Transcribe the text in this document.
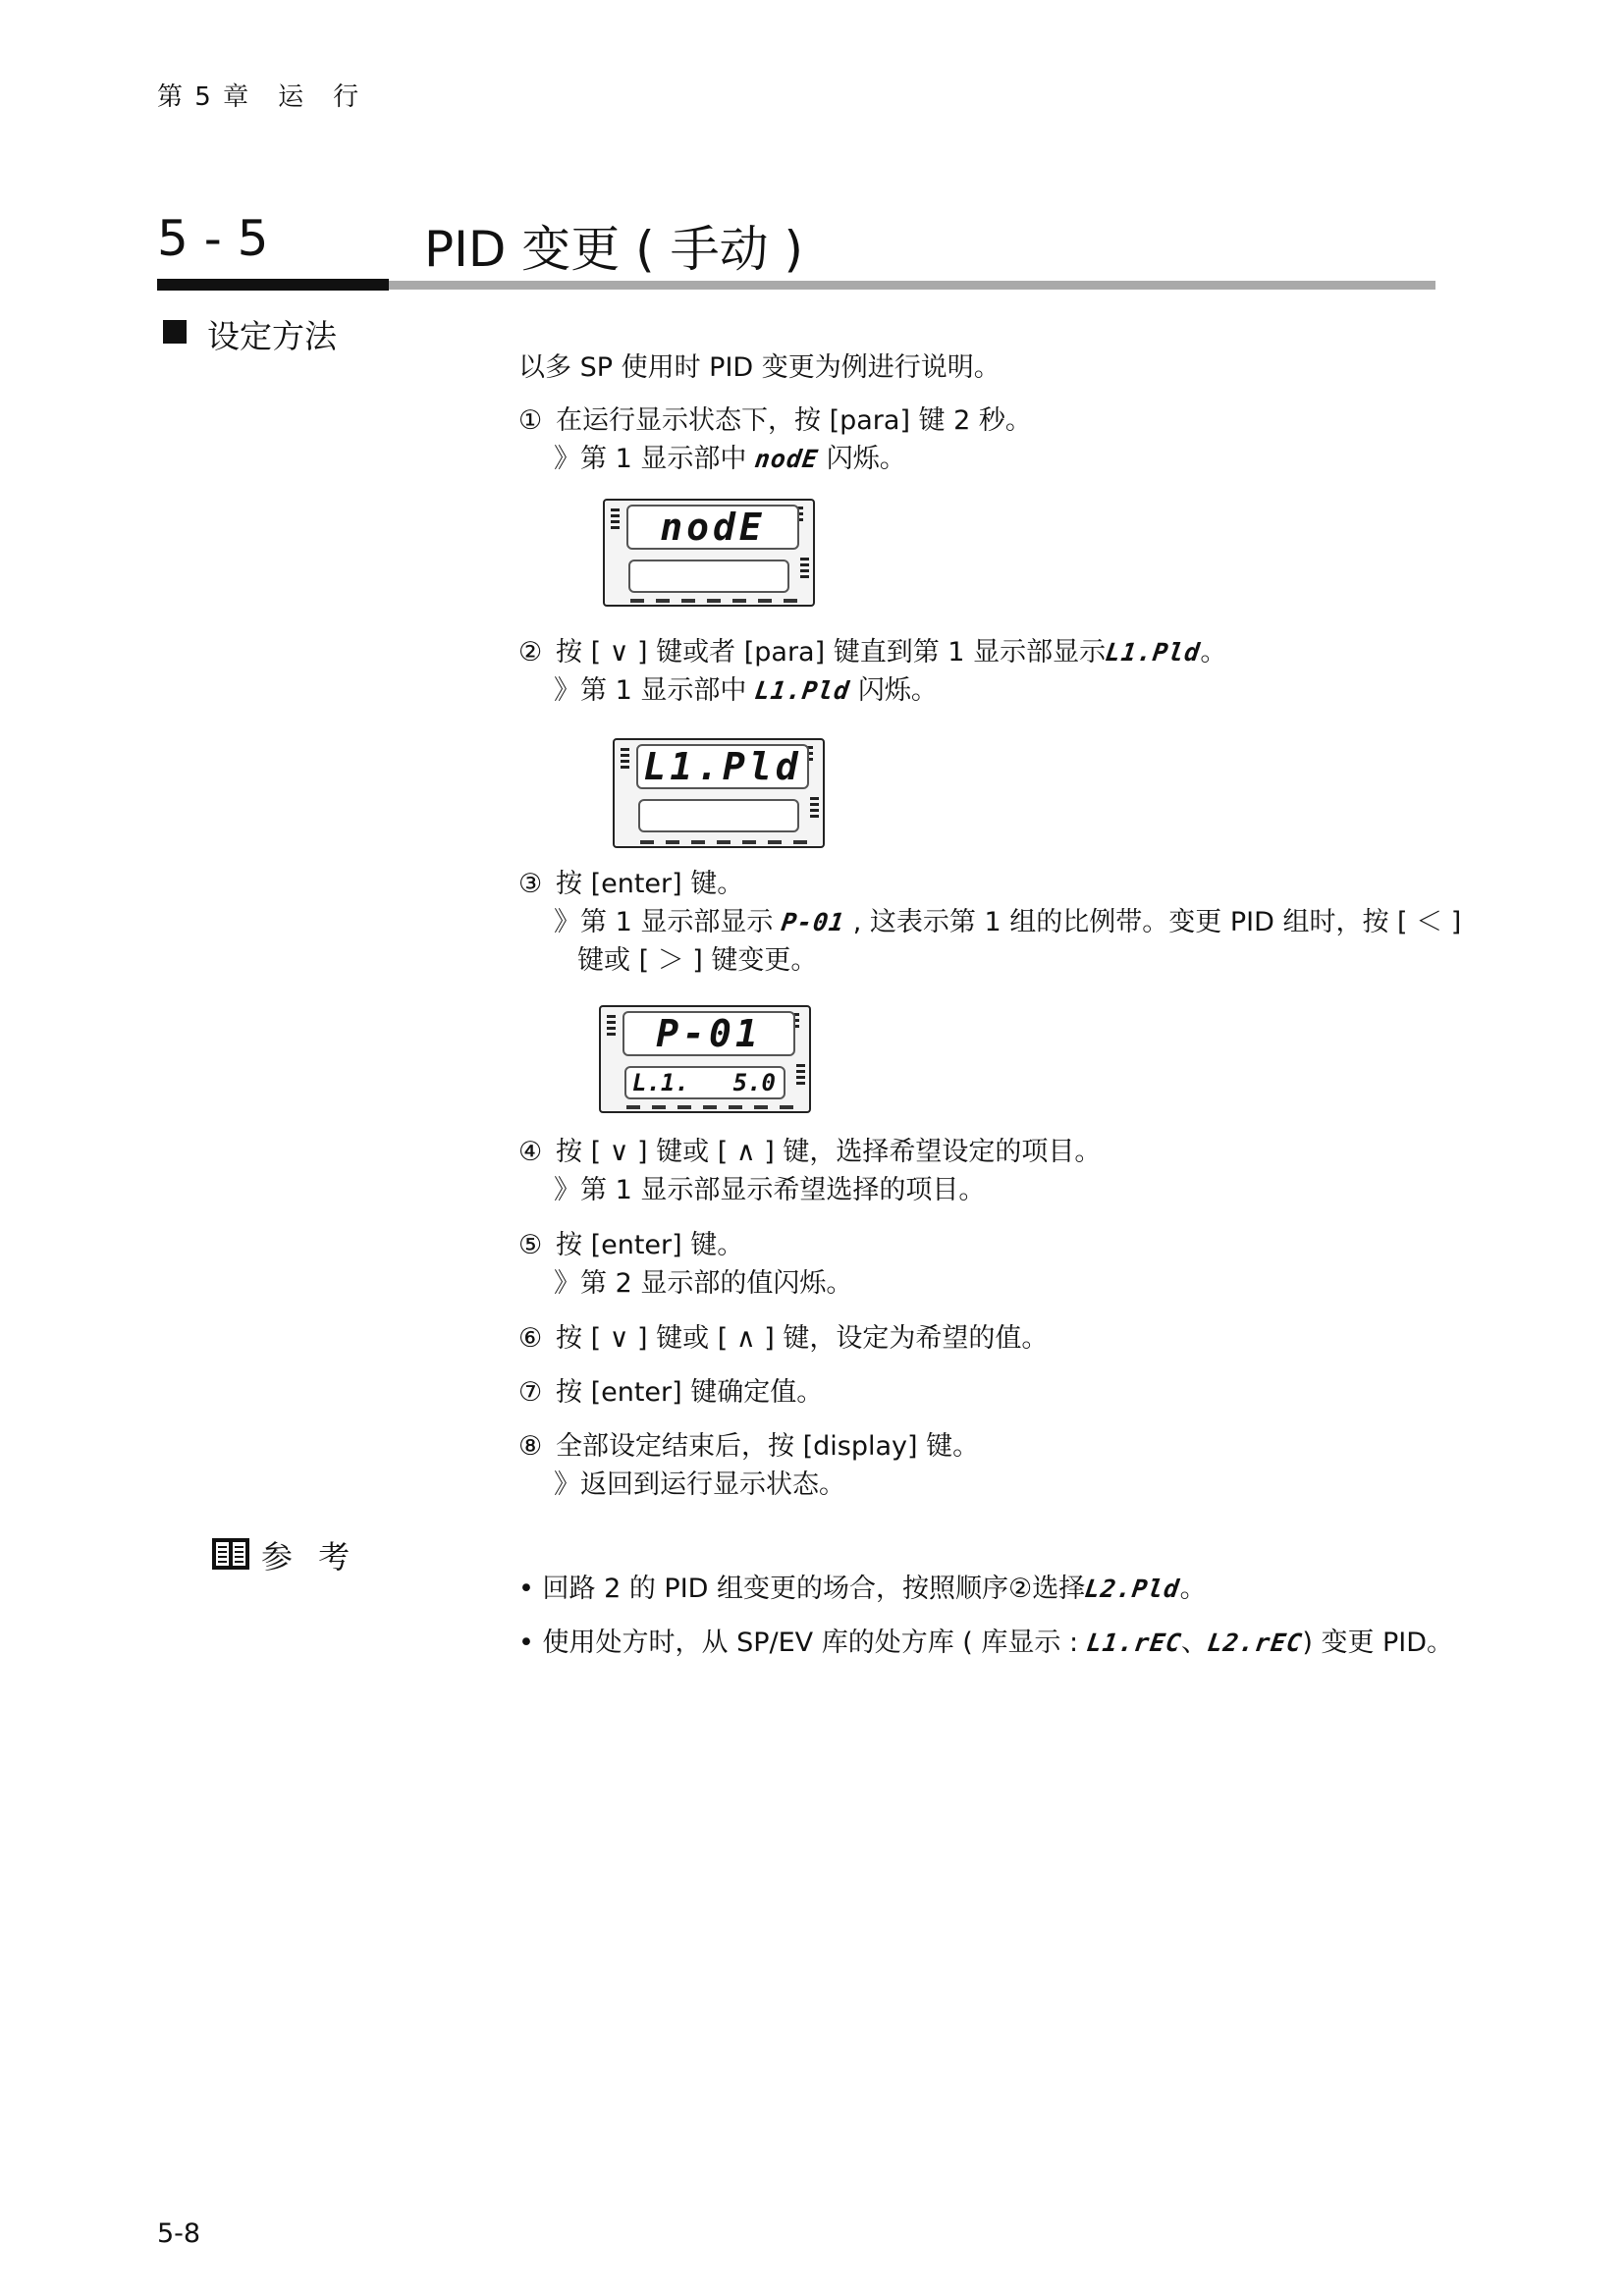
第 5 章　运　行
5 - 5	PID 变更 ( 手动 )
设定方法
以多 SP 使用时 PID 变更为例进行说明。
① 在运行显示状态下，按 [para] 键 2 秒。
》第 1 显示部中 nodE 闪烁。
nodE
② 按 [ ∨ ] 键或者 [para] 键直到第 1 显示部显示L1.Pld。
》第 1 显示部中 L1.Pld 闪烁。
L1.Pld
③ 按 [enter] 键。
》第 1 显示部显示 P-01 , 这表示第 1 组的比例带。变更 PID 组时，按 [ ＜ ]
键或 [ ＞ ] 键变更。
P-01
L.1. 5.0
④ 按 [ ∨ ] 键或 [ ∧ ] 键，选择希望设定的项目。
》第 1 显示部显示希望选择的项目。
⑤ 按 [enter] 键。
》第 2 显示部的值闪烁。
⑥ 按 [ ∨ ] 键或 [ ∧ ] 键，设定为希望的值。
⑦ 按 [enter] 键确定值。
⑧ 全部设定结束后，按 [display] 键。
》返回到运行显示状态。
参 考
• 回路 2 的 PID 组变更的场合，按照顺序②选择L2.Pld。
• 使用处方时，从 SP/EV 库的处方库 ( 库显示 : L1.rEC、L2.rEC) 变更 PID。
5-8
